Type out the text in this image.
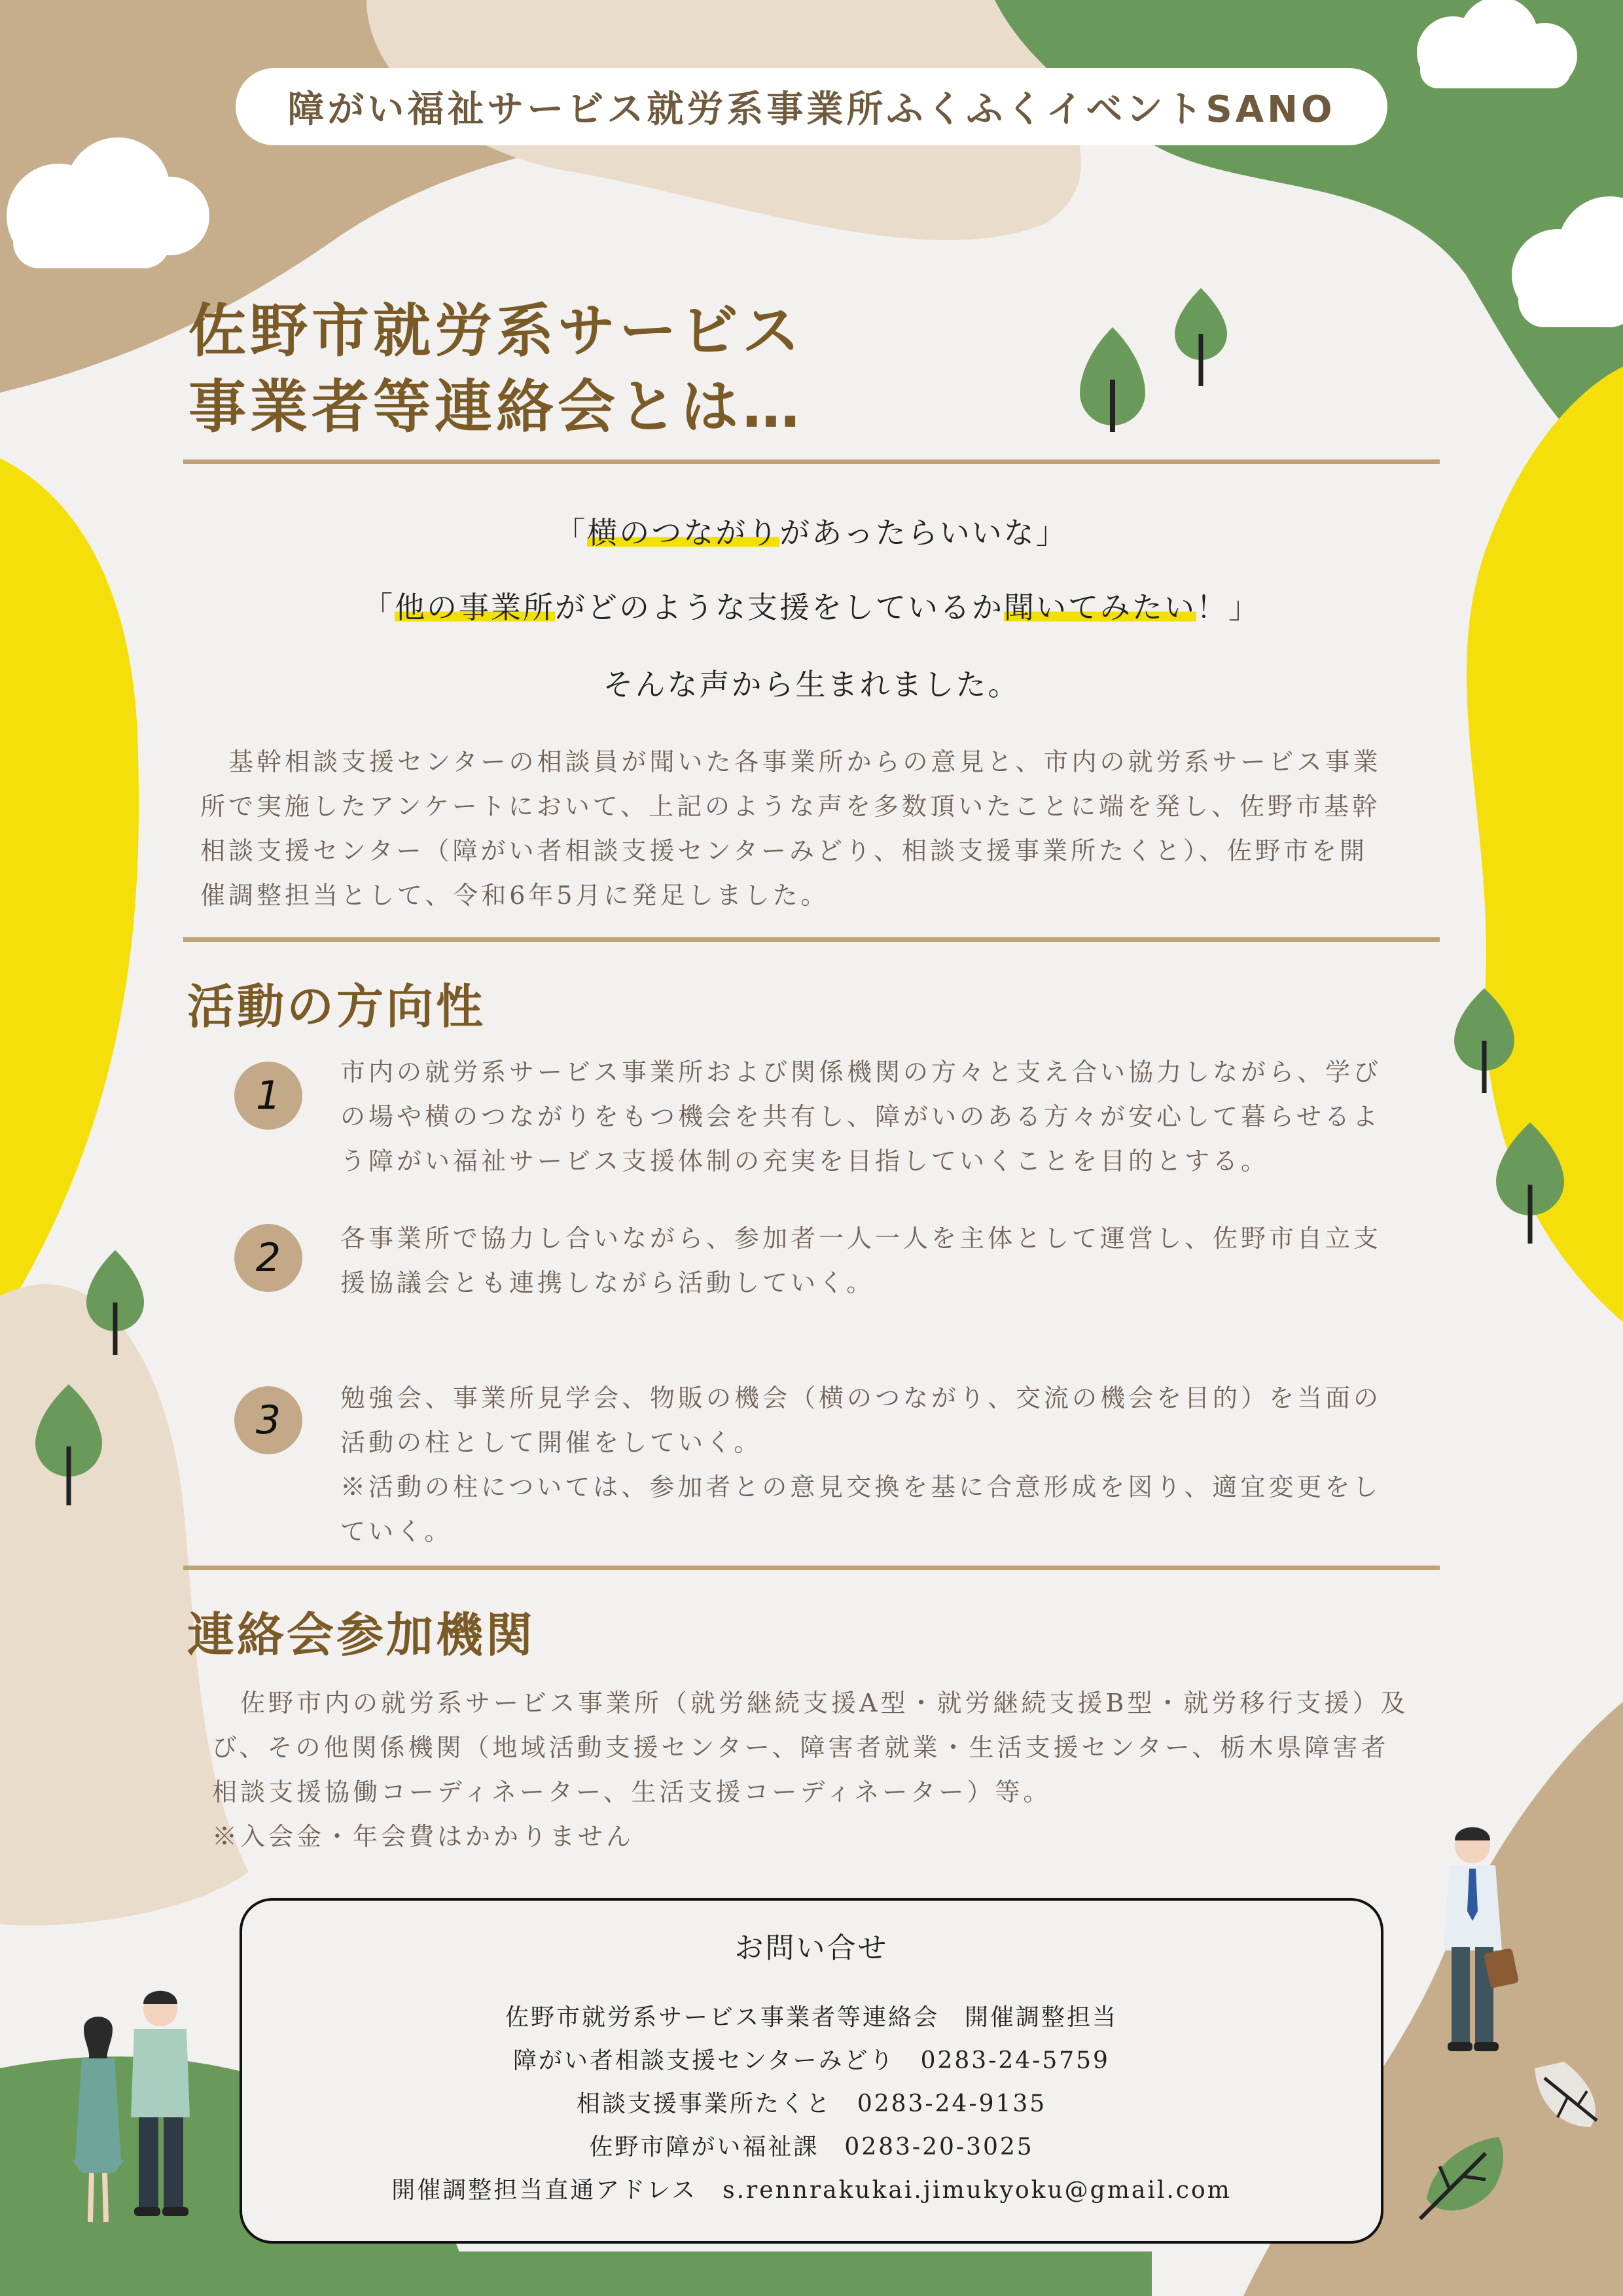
障がい福祉サービス就労系事業所ふくふくイベントSANO
佐野市就労系サービス
事業者等連絡会とは…
「横のつながりがあったらいいな」
「他の事業所がどのような支援をしているか聞いてみたい！」
そんな声から生まれました。
　基幹相談支援センターの相談員が聞いた各事業所からの意見と、市内の就労系サービス事業
所で実施したアンケートにおいて、上記のような声を多数頂いたことに端を発し、佐野市基幹
相談支援センター（障がい者相談支援センターみどり、相談支援事業所たくと）、佐野市を開
催調整担当として、令和6年5月に発足しました。
活動の方向性
1
市内の就労系サービス事業所および関係機関の方々と支え合い協力しながら、学び
の場や横のつながりをもつ機会を共有し、障がいのある方々が安心して暮らせるよ
う障がい福祉サービス支援体制の充実を目指していくことを目的とする。
2	各事業所で協力し合いながら、参加者一人一人を主体として運営し、佐野市自立支
援協議会とも連携しながら活動していく。
3	勉強会、事業所見学会、物販の機会（横のつながり、交流の機会を目的）を当面の
活動の柱として開催をしていく。
※活動の柱については、参加者との意見交換を基に合意形成を図り、適宜変更をし
ていく。
連絡会参加機関
　佐野市内の就労系サービス事業所（就労継続支援A型・就労継続支援B型・就労移行支援）及
び、その他関係機関（地域活動支援センター、障害者就業・生活支援センター、栃木県障害者
相談支援協働コーディネーター、生活支援コーディネーター）等。
※入会金・年会費はかかりません
お問い合せ
佐野市就労系サービス事業者等連絡会　開催調整担当
障がい者相談支援センターみどり　0283-24-5759
相談支援事業所たくと　0283-24-9135
佐野市障がい福祉課　0283-20-3025
開催調整担当直通アドレス　s.rennrakukai.jimukyoku@gmail.com
